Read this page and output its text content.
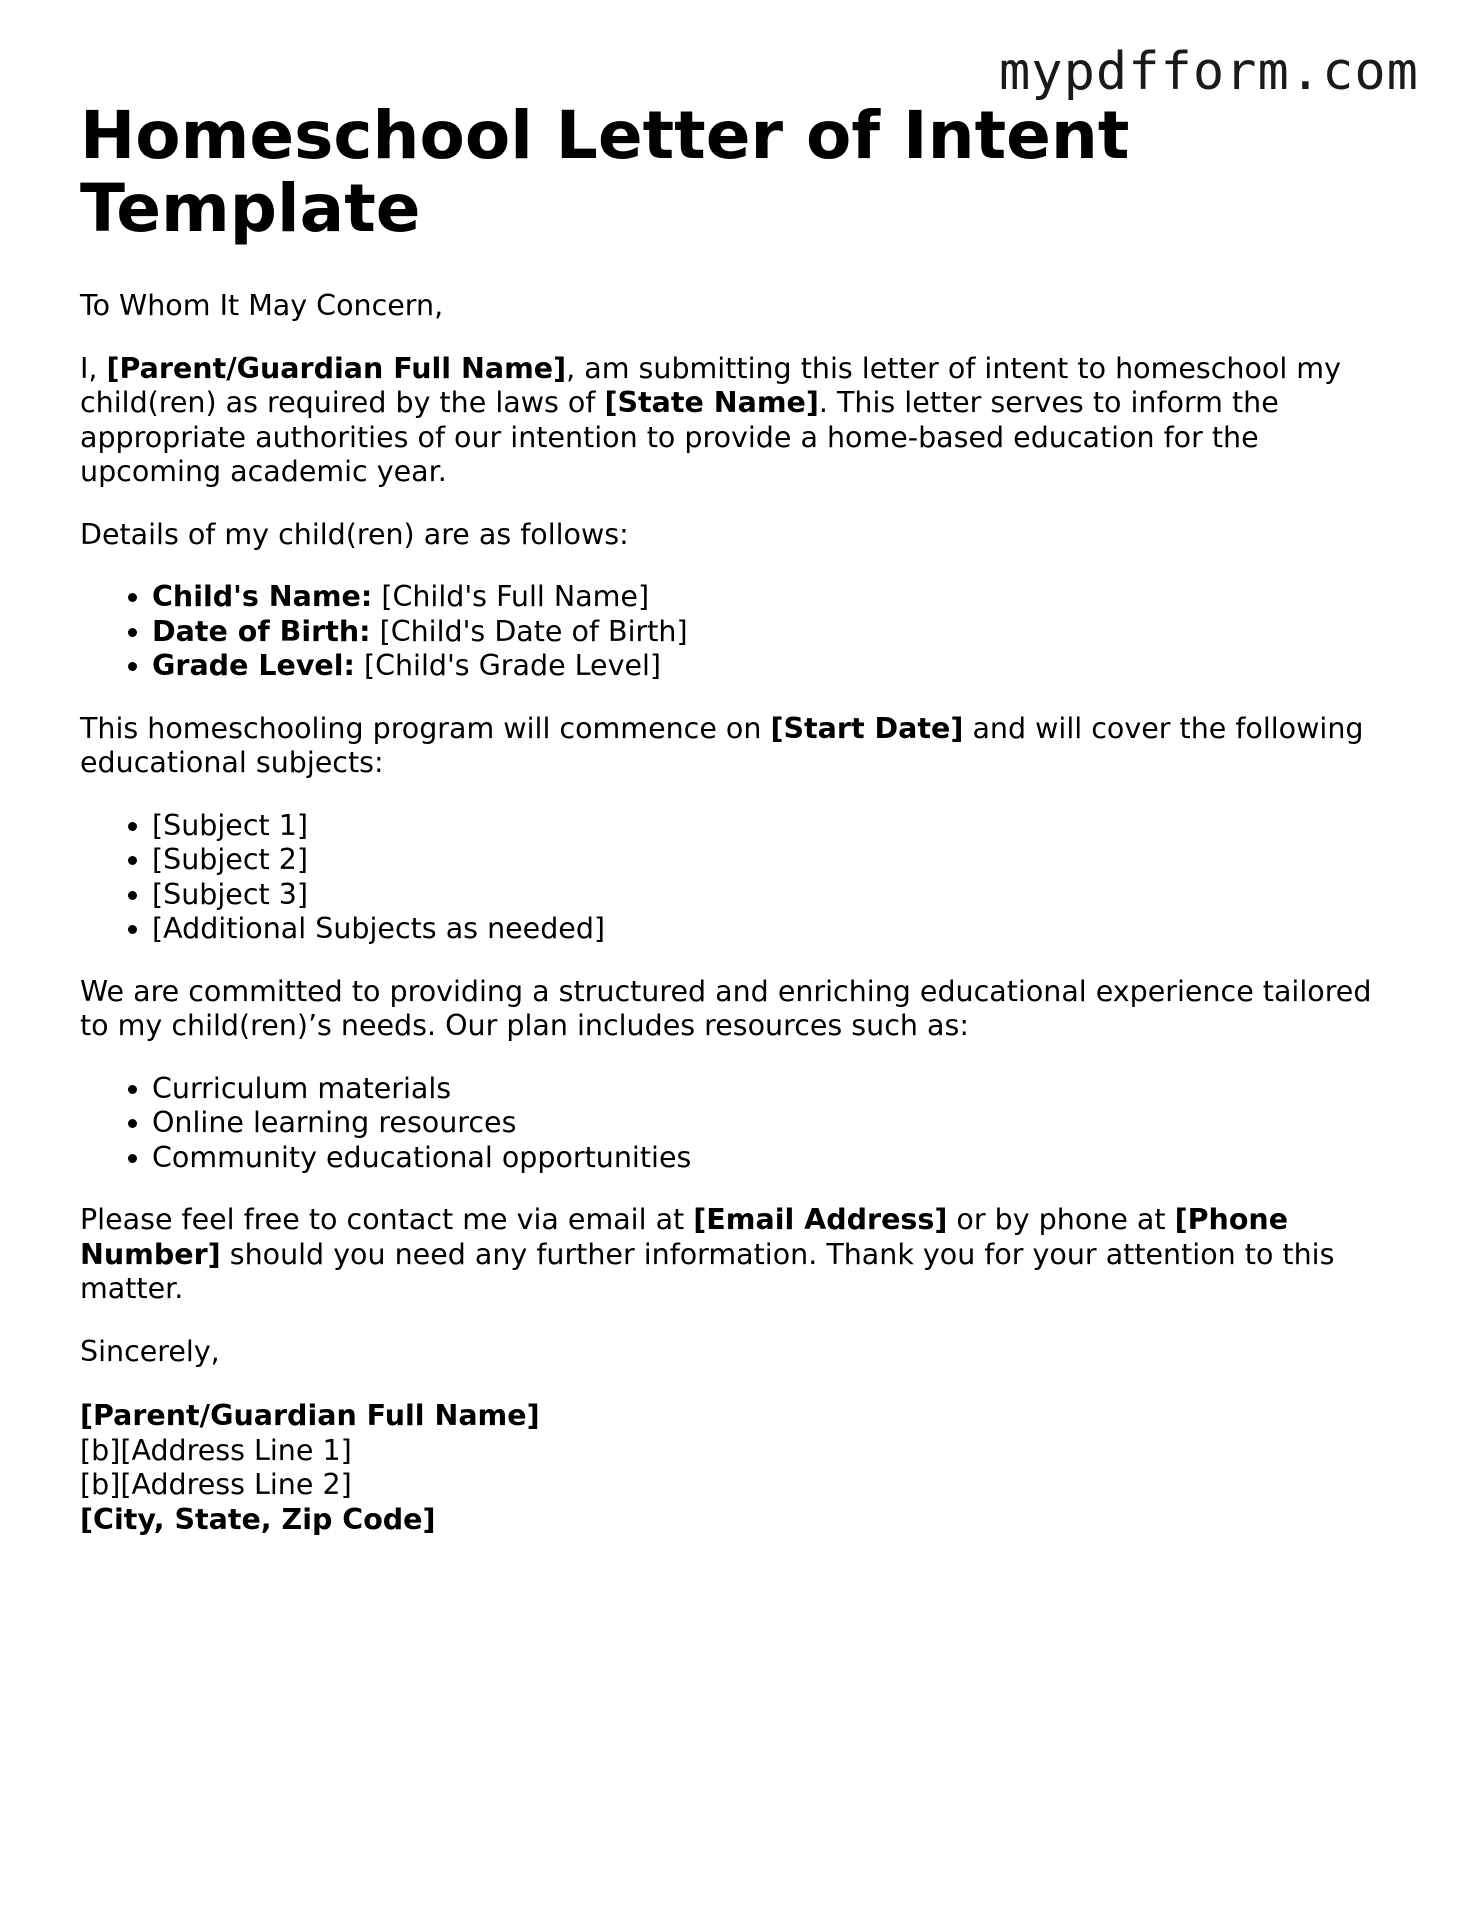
mypdfform.com
Homeschool Letter of Intent Template

To Whom It May Concern,

I, [Parent/Guardian Full Name], am submitting this letter of intent to homeschool my child(ren) as required by the laws of [State Name]. This letter serves to inform the appropriate authorities of our intention to provide a home-based education for the upcoming academic year.

Details of my child(ren) are as follows:

• Child's Name: [Child's Full Name]
• Date of Birth: [Child's Date of Birth]
• Grade Level: [Child's Grade Level]

This homeschooling program will commence on [Start Date] and will cover the following educational subjects:

• [Subject 1]
• [Subject 2]
• [Subject 3]
• [Additional Subjects as needed]

We are committed to providing a structured and enriching educational experience tailored to my child(ren)’s needs. Our plan includes resources such as:

• Curriculum materials
• Online learning resources
• Community educational opportunities

Please feel free to contact me via email at [Email Address] or by phone at [Phone Number] should you need any further information. Thank you for your attention to this matter.

Sincerely,

[Parent/Guardian Full Name]
[b][Address Line 1]
[b][Address Line 2]
[City, State, Zip Code]
